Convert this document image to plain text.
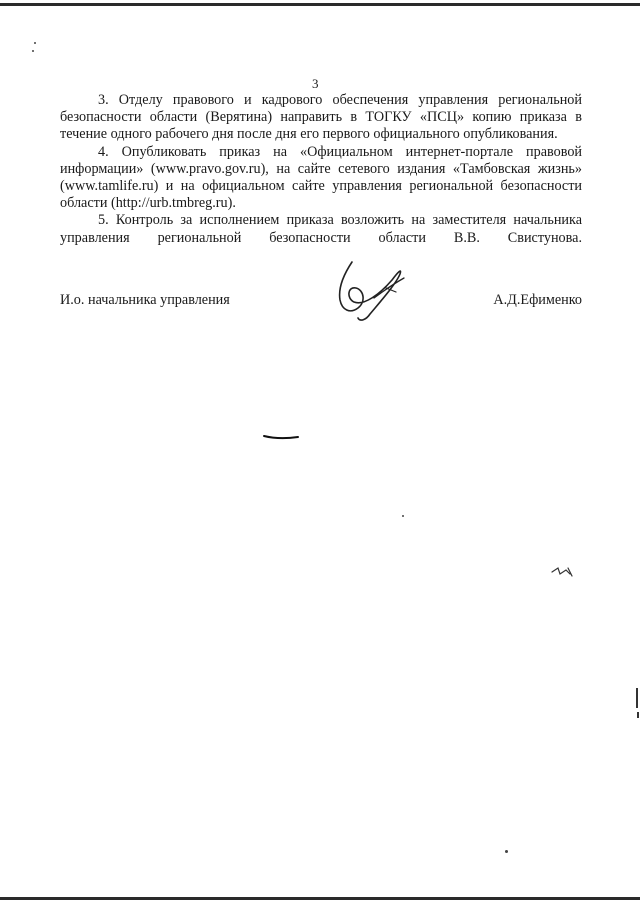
3

3. Отделу правового и кадрового обеспечения управления региональной безопасности области (Верятина) направить в ТОГКУ «ПСЦ» копию приказа в течение одного рабочего дня после дня его первого официального опубликования.

4. Опубликовать приказ на «Официальном интернет-портале правовой информации» (www.pravo.gov.ru), на сайте сетевого издания «Тамбовская жизнь» (www.tamlife.ru) и на официальном сайте управления региональной безопасности области (http://urb.tmbreg.ru).

5. Контроль за исполнением приказа возложить на заместителя начальника управления региональной безопасности области В.В. Свистунова.

И.о. начальника управления	А.Д.Ефименко
